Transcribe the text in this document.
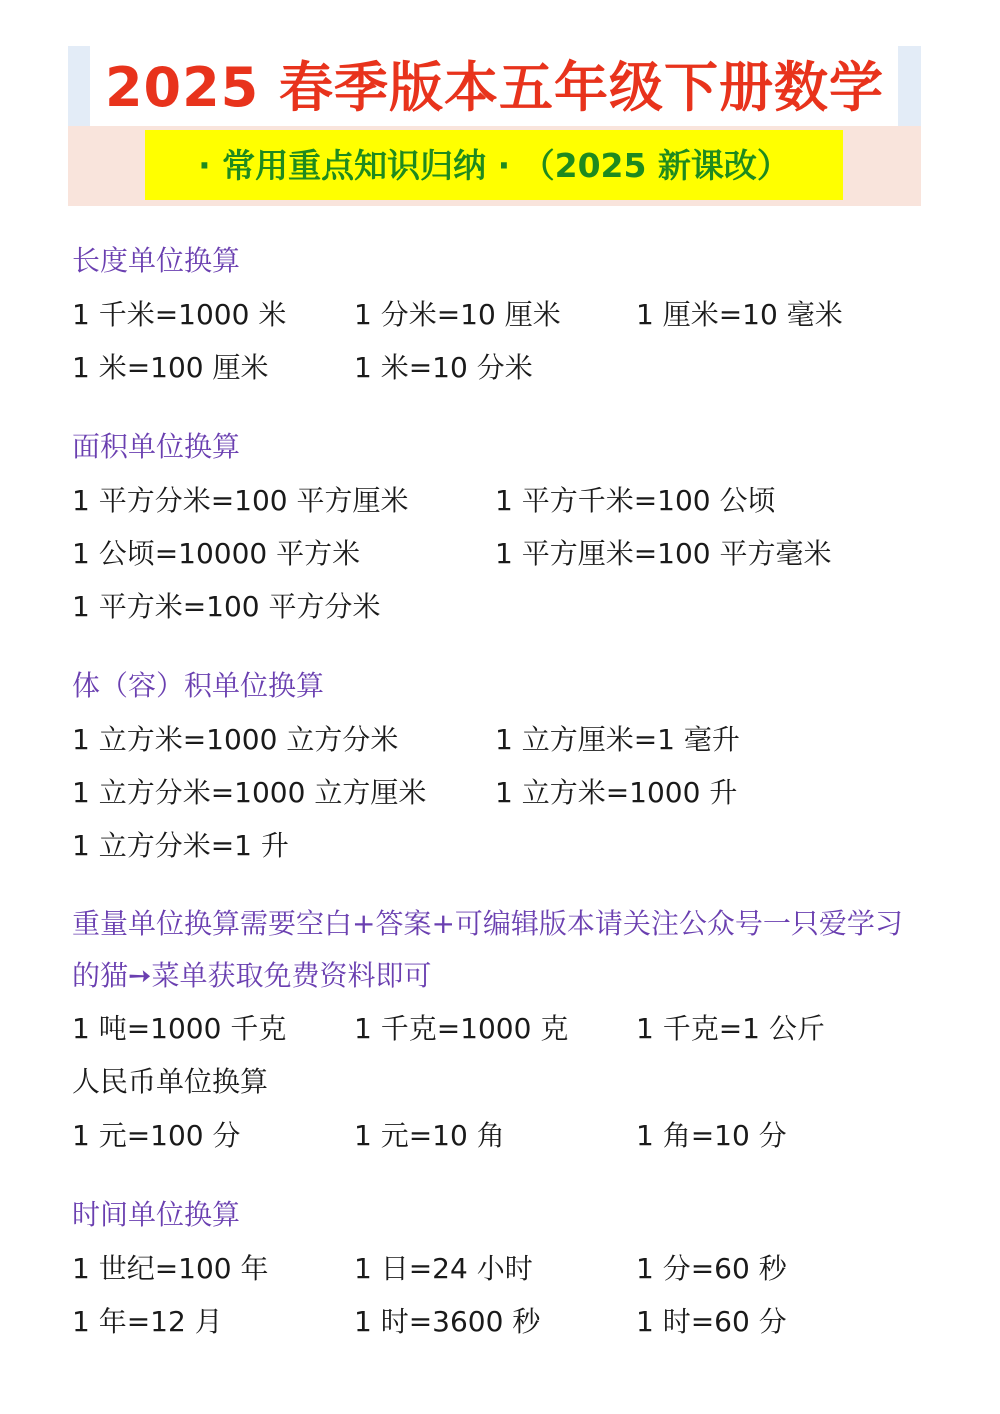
2025 春季版本五年级下册数学
· 常用重点知识归纳 · （2025 新课改）
长度单位换算
1 千米=1000 米	1 分米=10 厘米	1 厘米=10 毫米
1 米=100 厘米	1 米=10 分米
面积单位换算
1 平方分米=100 平方厘米	1 平方千米=100 公顷
1 公顷=10000 平方米	1 平方厘米=100 平方毫米
1 平方米=100 平方分米
体（容）积单位换算
1 立方米=1000 立方分米	1 立方厘米=1 毫升
1 立方分米=1000 立方厘米	1 立方米=1000 升
1 立方分米=1 升
重量单位换算需要空白+答案+可编辑版本请关注公众号一只爱学习的猫➙菜单获取免费资料即可
1 吨=1000 千克	1 千克=1000 克	1 千克=1 公斤
人民币单位换算
1 元=100 分	1 元=10 角	1 角=10 分
时间单位换算
1 世纪=100 年	1 日=24 小时	1 分=60 秒
1 年=12 月	1 时=3600 秒	1 时=60 分
